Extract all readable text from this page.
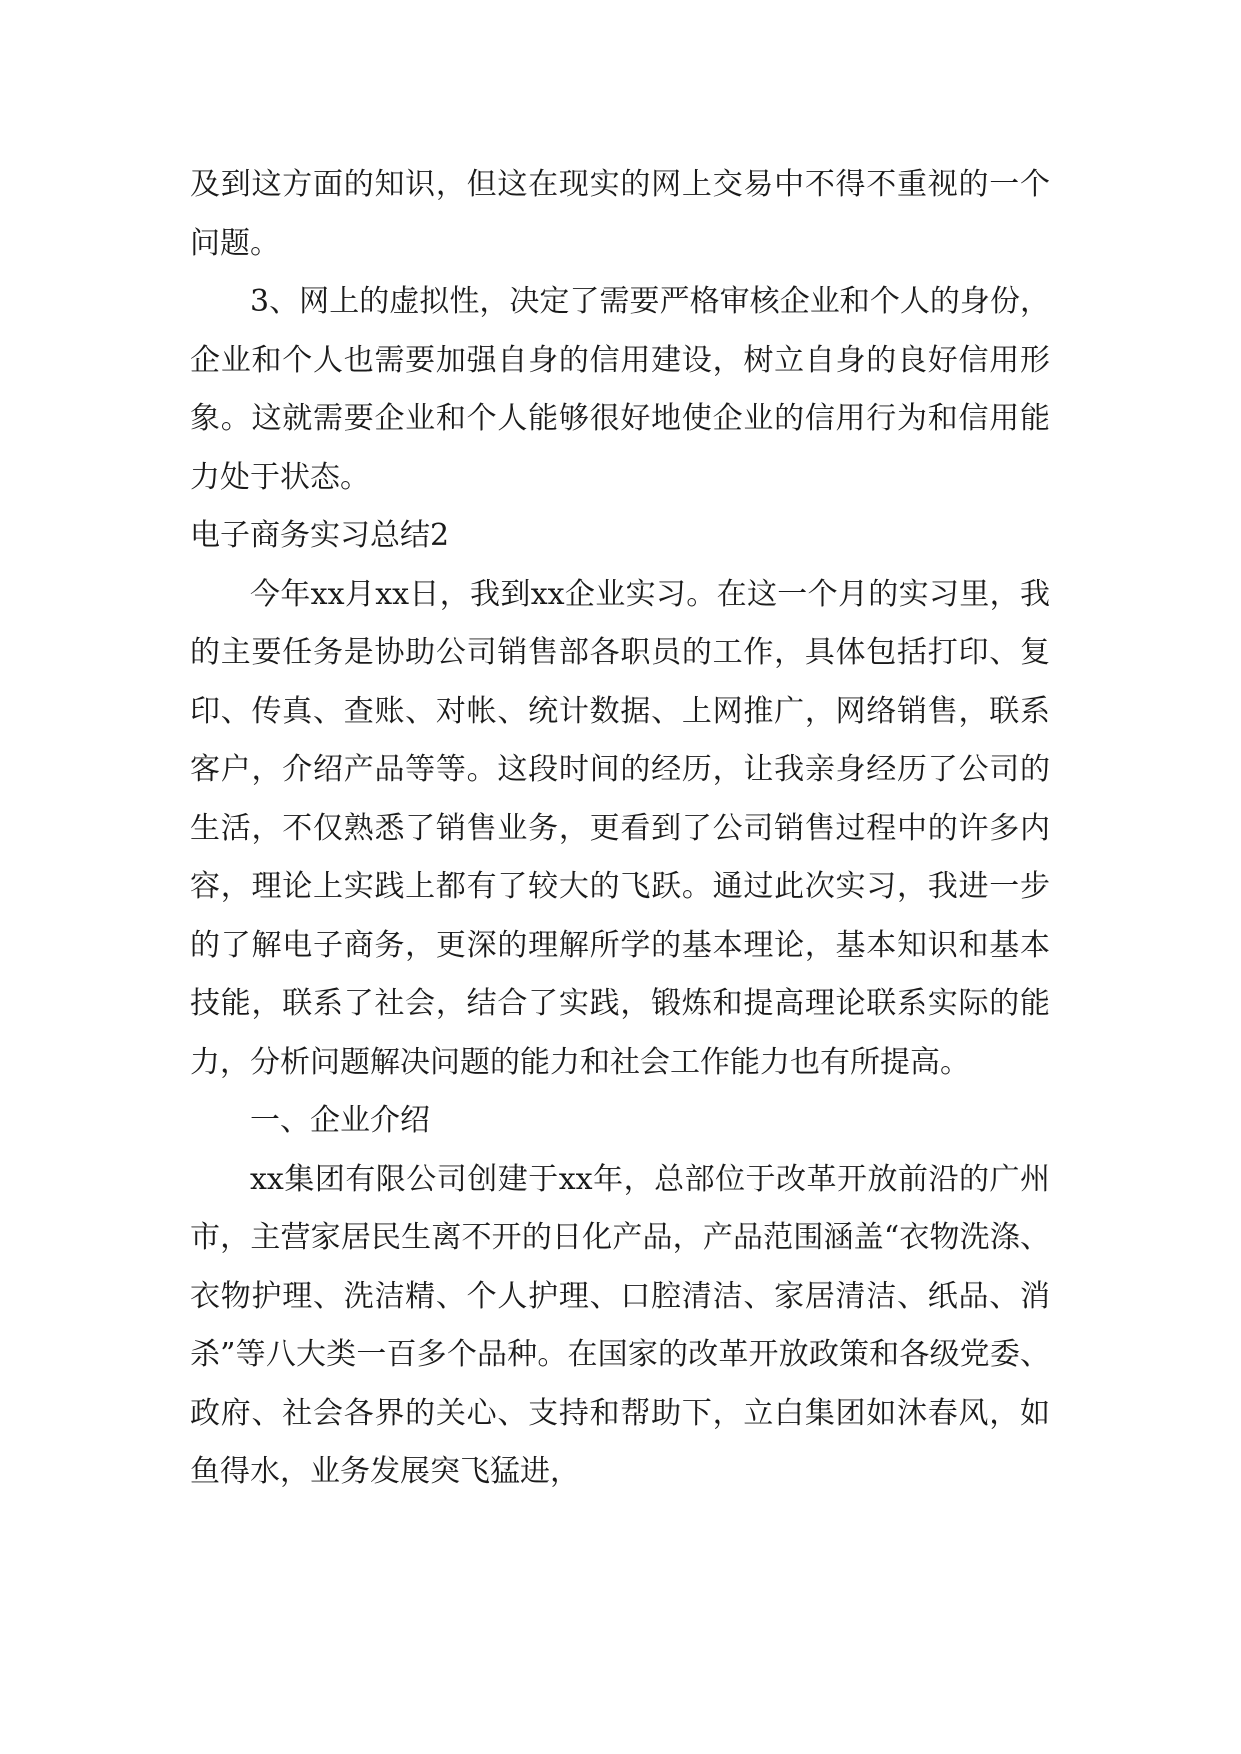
及到这方面的知识，但这在现实的网上交易中不得不重视的一个问题。

3、网上的虚拟性，决定了需要严格审核企业和个人的身份，企业和个人也需要加强自身的信用建设，树立自身的良好信用形象。这就需要企业和个人能够很好地使企业的信用行为和信用能力处于状态。

电子商务实习总结2

今年xx月xx日，我到xx企业实习。在这一个月的实习里，我的主要任务是协助公司销售部各职员的工作，具体包括打印、复印、传真、查账、对帐、统计数据、上网推广，网络销售，联系客户，介绍产品等等。这段时间的经历，让我亲身经历了公司的生活，不仅熟悉了销售业务，更看到了公司销售过程中的许多内容，理论上实践上都有了较大的飞跃。通过此次实习，我进一步的了解电子商务，更深的理解所学的基本理论，基本知识和基本技能，联系了社会，结合了实践，锻炼和提高理论联系实际的能力，分析问题解决问题的能力和社会工作能力也有所提高。

一、企业介绍

xx集团有限公司创建于xx年，总部位于改革开放前沿的广州市，主营家居民生离不开的日化产品，产品范围涵盖“衣物洗涤、衣物护理、洗洁精、个人护理、口腔清洁、家居清洁、纸品、消杀”等八大类一百多个品种。在国家的改革开放政策和各级党委、政府、社会各界的关心、支持和帮助下，立白集团如沐春风，如鱼得水，业务发展突飞猛进，
